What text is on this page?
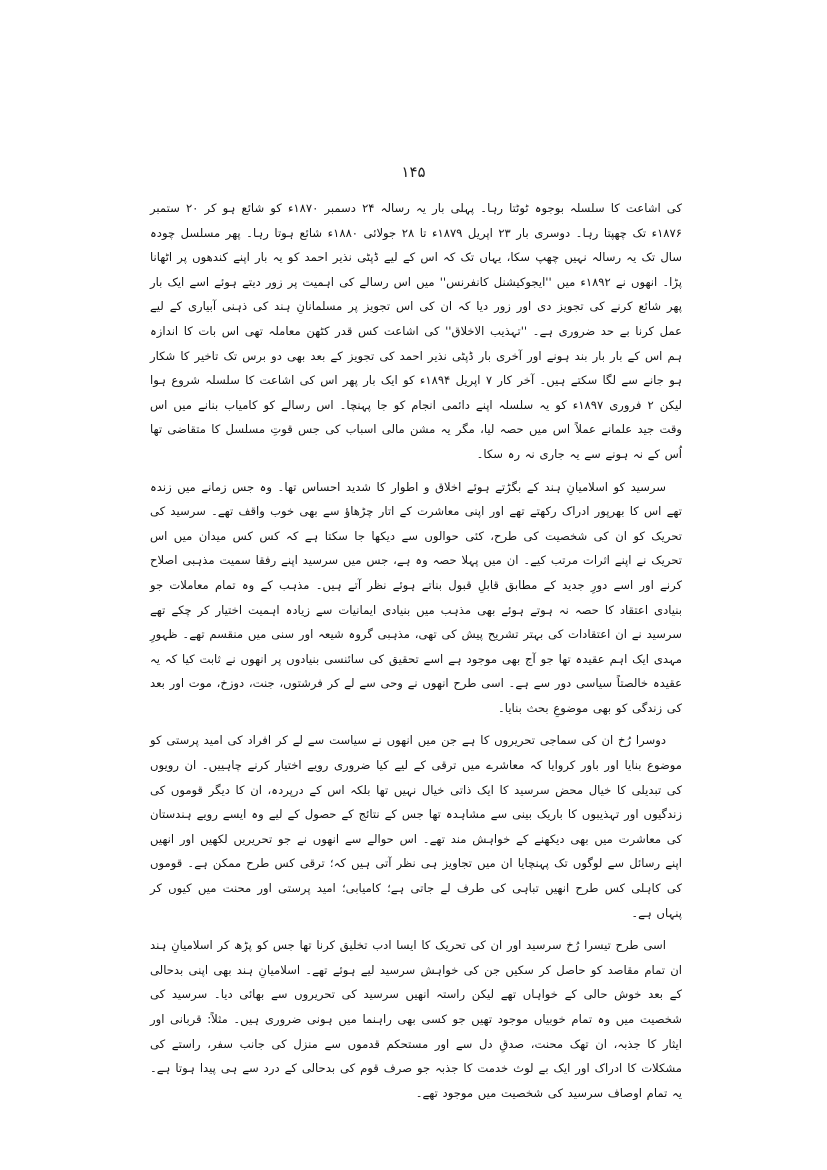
۱۴۵

کی اشاعت کا سلسلہ بوجوہ ٹوٹتا رہا۔ پہلی بار یہ رسالہ ۲۴ دسمبر ۱۸۷۰ء کو شائع ہو کر ۲۰ ستمبر ۱۸۷۶ء تک چھپتا رہا۔ دوسری بار ۲۳ اپریل ۱۸۷۹ء تا ۲۸ جولائی ۱۸۸۰ء شائع ہوتا رہا۔ پھر مسلسل چودہ سال تک یہ رسالہ نہیں چھپ سکا، یہاں تک کہ اس کے لیے ڈپٹی نذیر احمد کو یہ بار اپنے کندھوں پر اٹھانا پڑا۔ انھوں نے ۱۸۹۲ء میں ''ایجوکیشنل کانفرنس'' میں اس رسالے کی اہمیت پر زور دیتے ہوئے اسے ایک بار پھر شائع کرنے کی تجویز دی اور زور دیا کہ ان کی اس تجویز پر مسلمانانِ ہند کی ذہنی آبیاری کے لیے عمل کرنا بے حد ضروری ہے۔ ''تہذیب الاخلاق'' کی اشاعت کس قدر کٹھن معاملہ تھی اس بات کا اندازہ ہم اس کے بار بار بند ہونے اور آخری بار ڈپٹی نذیر احمد کی تجویز کے بعد بھی دو برس تک تاخیر کا شکار ہو جانے سے لگا سکتے ہیں۔ آخر کار ۷ اپریل ۱۸۹۴ء کو ایک بار پھر اس کی اشاعت کا سلسلہ شروع ہوا لیکن ۲ فروری ۱۸۹۷ء کو یہ سلسلہ اپنے دائمی انجام کو جا پہنچا۔ اس رسالے کو کامیاب بنانے میں اس وقت جید علمانے عملاً اس میں حصہ لیا، مگر یہ مشن مالی اسباب کی جس قوتِ مسلسل کا متقاضی تھا اُس کے نہ ہونے سے یہ جاری نہ رہ سکا۔

سرسید کو اسلامیانِ ہند کے بگڑتے ہوئے اخلاق و اطوار کا شدید احساس تھا۔ وہ جس زمانے میں زندہ تھے اس کا بھرپور ادراک رکھتے تھے اور اپنی معاشرت کے اتار چڑھاؤ سے بھی خوب واقف تھے۔ سرسید کی تحریک کو ان کی شخصیت کی طرح، کئی حوالوں سے دیکھا جا سکتا ہے کہ کس کس میدان میں اس تحریک نے اپنے اثرات مرتب کیے۔ ان میں پہلا حصہ وہ ہے، جس میں سرسید اپنے رفقا سمیت مذہبی اصلاح کرنے اور اسے دورِ جدید کے مطابق قابلِ قبول بناتے ہوئے نظر آتے ہیں۔ مذہب کے وہ تمام معاملات جو بنیادی اعتقاد کا حصہ نہ ہوتے ہوئے بھی مذہب میں بنیادی ایمانیات سے زیادہ اہمیت اختیار کر چکے تھے سرسید نے ان اعتقادات کی بہتر تشریح پیش کی تھی، مذہبی گروہ شیعہ اور سنی میں منقسم تھے۔ ظہورِ مہدی ایک اہم عقیدہ تھا جو آج بھی موجود ہے اسے تحقیق کی سائنسی بنیادوں پر انھوں نے ثابت کیا کہ یہ عقیدہ خالصتاً سیاسی دور سے ہے۔ اسی طرح انھوں نے وحی سے لے کر فرشتوں، جنت، دوزخ، موت اور بعد کی زندگی کو بھی موضوعِ بحث بنایا۔

دوسرا رُخ ان کی سماجی تحریروں کا ہے جن میں انھوں نے سیاست سے لے کر افراد کی امید پرستی کو موضوع بنایا اور باور کروایا کہ معاشرے میں ترقی کے لیے کیا ضروری رویے اختیار کرنے چاہییں۔ ان رویوں کی تبدیلی کا خیال محض سرسید کا ایک ذاتی خیال نہیں تھا بلکہ اس کے درپردہ، ان کا دیگر قوموں کی زندگیوں اور تہذیبوں کا باریک بینی سے مشاہدہ تھا جس کے نتائج کے حصول کے لیے وہ ایسے رویے ہندستان کی معاشرت میں بھی دیکھنے کے خواہش مند تھے۔ اس حوالے سے انھوں نے جو تحریریں لکھیں اور انھیں اپنے رسائل سے لوگوں تک پہنچایا ان میں تجاویز ہی نظر آتی ہیں کہ؛ ترقی کس طرح ممکن ہے۔ قوموں کی کاہلی کس طرح انھیں تباہی کی طرف لے جاتی ہے؛ کامیابی؛ امید پرستی اور محنت میں کیوں کر پنہاں ہے۔

اسی طرح تیسرا رُخ سرسید اور ان کی تحریک کا ایسا ادب تخلیق کرنا تھا جس کو پڑھ کر اسلامیانِ ہند ان تمام مقاصد کو حاصل کر سکیں جن کی خواہش سرسید لیے ہوئے تھے۔ اسلامیانِ ہند بھی اپنی بدحالی کے بعد خوش حالی کے خواہاں تھے لیکن راستہ انھیں سرسید کی تحریروں سے بھائی دیا۔ سرسید کی شخصیت میں وہ تمام خوبیاں موجود تھیں جو کسی بھی راہنما میں ہونی ضروری ہیں۔ مثلاً: قربانی اور ایثار کا جذبہ، ان تھک محنت، صدقِ دل سے اور مستحکم قدموں سے منزل کی جانب سفر، راستے کی مشکلات کا ادراک اور ایک بے لوث خدمت کا جذبہ جو صرف قوم کی بدحالی کے درد سے ہی پیدا ہوتا ہے۔ یہ تمام اوصاف سرسید کی شخصیت میں موجود تھے۔
